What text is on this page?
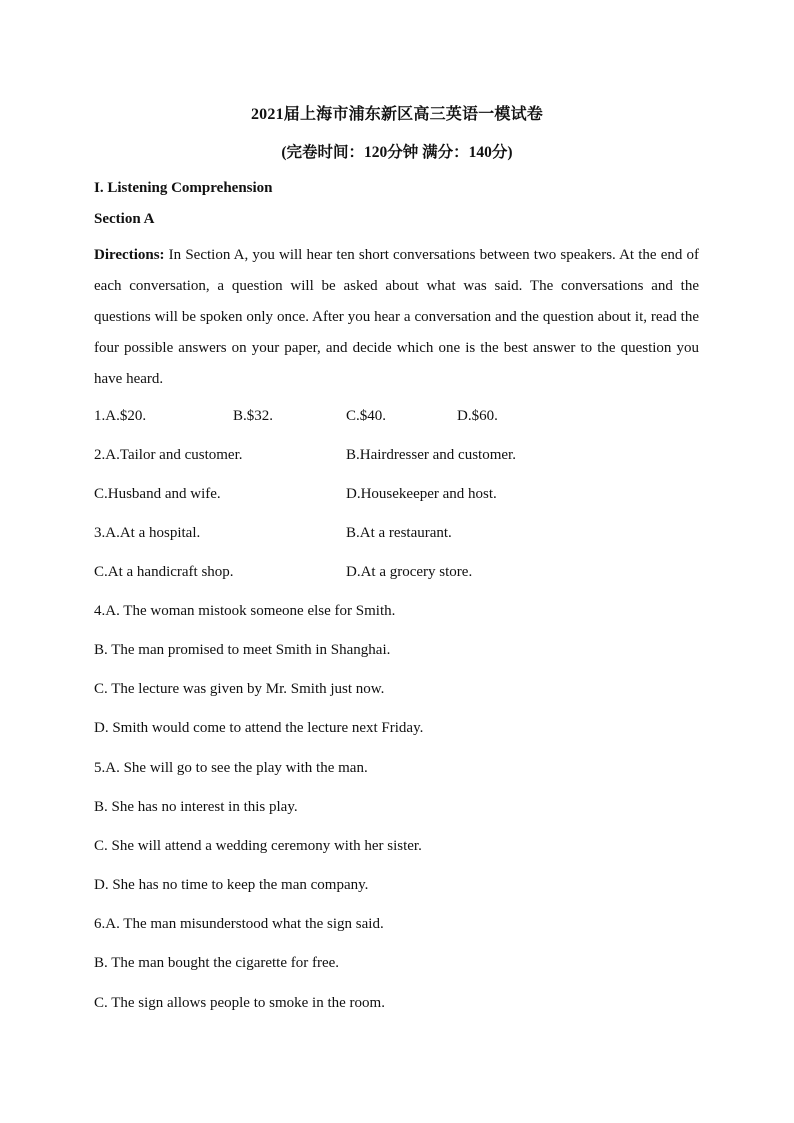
2021届上海市浦东新区高三英语一模试卷
(完卷时间：120分钟 满分：140分)
I. Listening Comprehension
Section A
Directions: In Section A, you will hear ten short conversations between two speakers. At the end of each conversation, a question will be asked about what was said. The conversations and the questions will be spoken only once. After you hear a conversation and the question about it, read the four possible answers on your paper, and decide which one is the best answer to the question you have heard.
1.A.$20.	B.$32.	C.$40.	D.$60.
2.A.Tailor and customer.	B.Hairdresser and customer.
C.Husband and wife.	D.Housekeeper and host.
3.A.At a hospital.	B.At a restaurant.
C.At a handicraft shop.	D.At a grocery store.
4.A. The woman mistook someone else for Smith.
B. The man promised to meet Smith in Shanghai.
C. The lecture was given by Mr. Smith just now.
D. Smith would come to attend the lecture next Friday.
5.A. She will go to see the play with the man.
B. She has no interest in this play.
C. She will attend a wedding ceremony with her sister.
D. She has no time to keep the man company.
6.A. The man misunderstood what the sign said.
B. The man bought the cigarette for free.
C. The sign allows people to smoke in the room.
